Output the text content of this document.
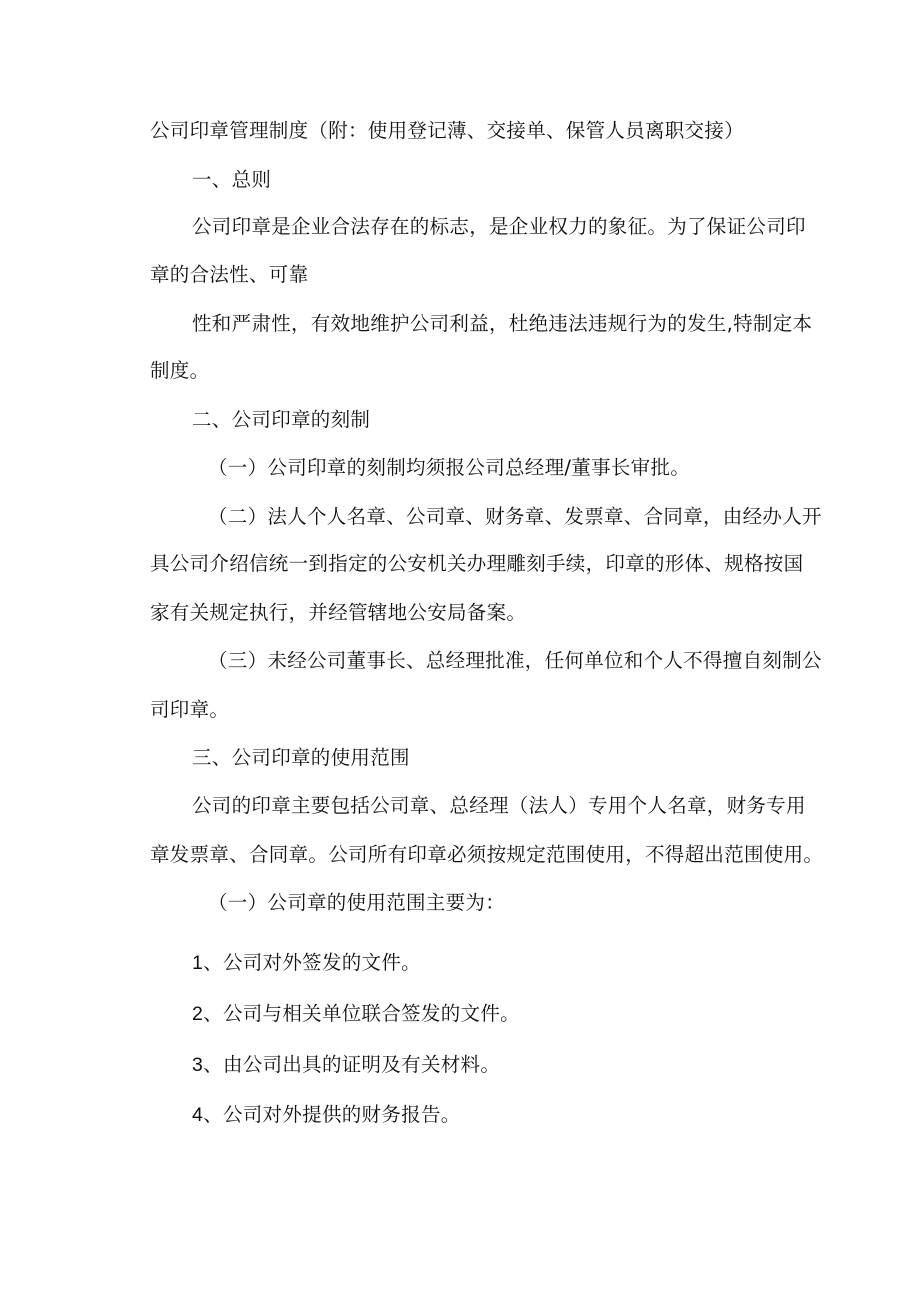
公司印章管理制度（附：使用登记薄、交接单、保管人员离职交接）
一、总则
公司印章是企业合法存在的标志，是企业权力的象征。为了保证公司印
章的合法性、可靠
性和严肃性，有效地维护公司利益，杜绝违法违规行为的发生,特制定本
制度。
二、公司印章的刻制
（一）公司印章的刻制均须报公司总经理/董事长审批。
（二）法人个人名章、公司章、财务章、发票章、合同章，由经办人开
具公司介绍信统一到指定的公安机关办理雕刻手续，印章的形体、规格按国
家有关规定执行，并经管辖地公安局备案。
（三）未经公司董事长、总经理批准，任何单位和个人不得擅自刻制公
司印章。
三、公司印章的使用范围
公司的印章主要包括公司章、总经理（法人）专用个人名章，财务专用
章发票章、合同章。公司所有印章必须按规定范围使用，不得超出范围使用。
（一）公司章的使用范围主要为：
1、公司对外签发的文件。
2、公司与相关单位联合签发的文件。
3、由公司出具的证明及有关材料。
4、公司对外提供的财务报告。
